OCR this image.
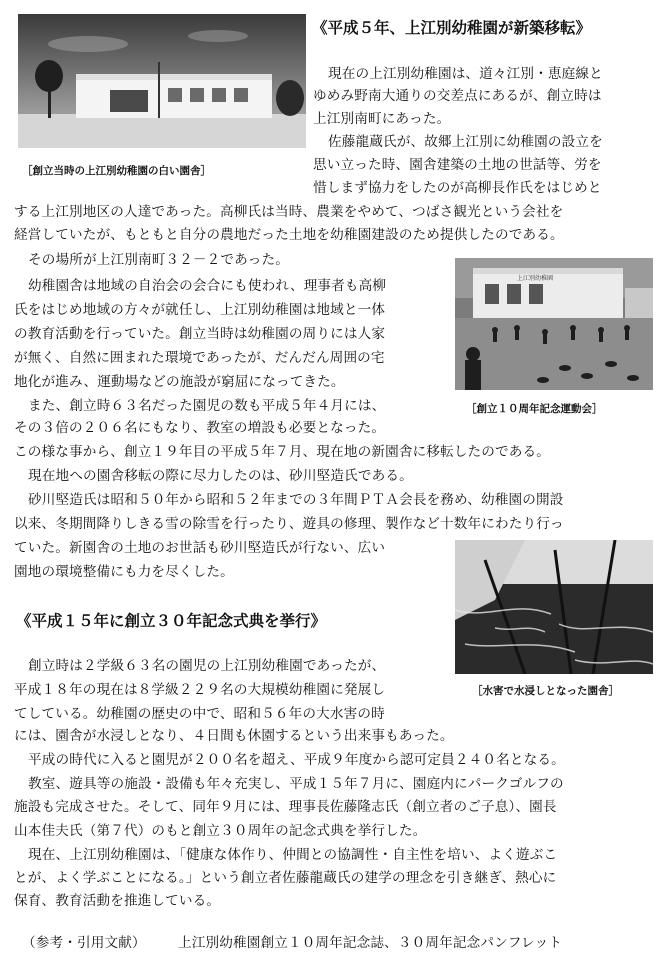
［創立当時の上江別幼稚園の白い園舎］
《平成５年、上江別幼稚園が新築移転》
現在の上江別幼稚園は、道々江別・恵庭線と
ゆめみ野南大通りの交差点にあるが、創立時は
上江別南町にあった。
佐藤龍蔵氏が、故郷上江別に幼稚園の設立を
思い立った時、園舎建築の土地の世話等、労を
惜しまず協力をしたのが高柳長作氏をはじめと
する上江別地区の人達であった。高柳氏は当時、農業をやめて、つばさ観光という会社を
経営していたが、もともと自分の農地だった土地を幼稚園建設のため提供したのである。
その場所が上江別南町３２－２であった。
幼稚園舎は地域の自治会の会合にも使われ、理事者も高柳
氏をはじめ地域の方々が就任し、上江別幼稚園は地域と一体
の教育活動を行っていた。創立当時は幼稚園の周りには人家
が無く、自然に囲まれた環境であったが、だんだん周囲の宅
地化が進み、運動場などの施設が窮屈になってきた。
また、創立時６３名だった園児の数も平成５年４月には、
その３倍の２０６名にもなり、教室の増設も必要となった。
この様な事から、創立１９年目の平成５年７月、現在地の新園舎に移転したのである。
現在地への園舎移転の際に尽力したのは、砂川堅造氏である。
砂川堅造氏は昭和５０年から昭和５２年までの３年間ＰＴＡ会長を務め、幼稚園の開設
以来、冬期間降りしきる雪の除雪を行ったり、遊具の修理、製作など十数年にわたり行っ
ていた。新園舎の土地のお世話も砂川堅造氏が行ない、広い
園地の環境整備にも力を尽くした。
上江別幼稚園
［創立１０周年記念運動会］
［水害で水浸しとなった園舎］
《平成１５年に創立３０年記念式典を挙行》
創立時は２学級６３名の園児の上江別幼稚園であったが、
平成１８年の現在は８学級２２９名の大規模幼稚園に発展し
てしている。幼稚園の歴史の中で、昭和５６年の大水害の時
には、園舎が水浸しとなり、４日間も休園するという出来事もあった。
平成の時代に入ると園児が２００名を超え、平成９年度から認可定員２４０名となる。
教室、遊具等の施設・設備も年々充実し、平成１５年７月に、園庭内にパークゴルフの
施設も完成させた。そして、同年９月には、理事長佐藤隆志氏（創立者のご子息）、園長
山本佳夫氏（第７代）のもと創立３０周年の記念式典を挙行した。
現在、上江別幼稚園は、「健康な体作り、仲間との協調性・自主性を培い、よく遊ぶこ
とが、よく学ぶことになる。」という創立者佐藤龍蔵氏の建学の理念を引き継ぎ、熱心に
保育、教育活動を推進している。
（参考・引用文献） 上江別幼稚園創立１０周年記念誌、３０周年記念パンフレット
